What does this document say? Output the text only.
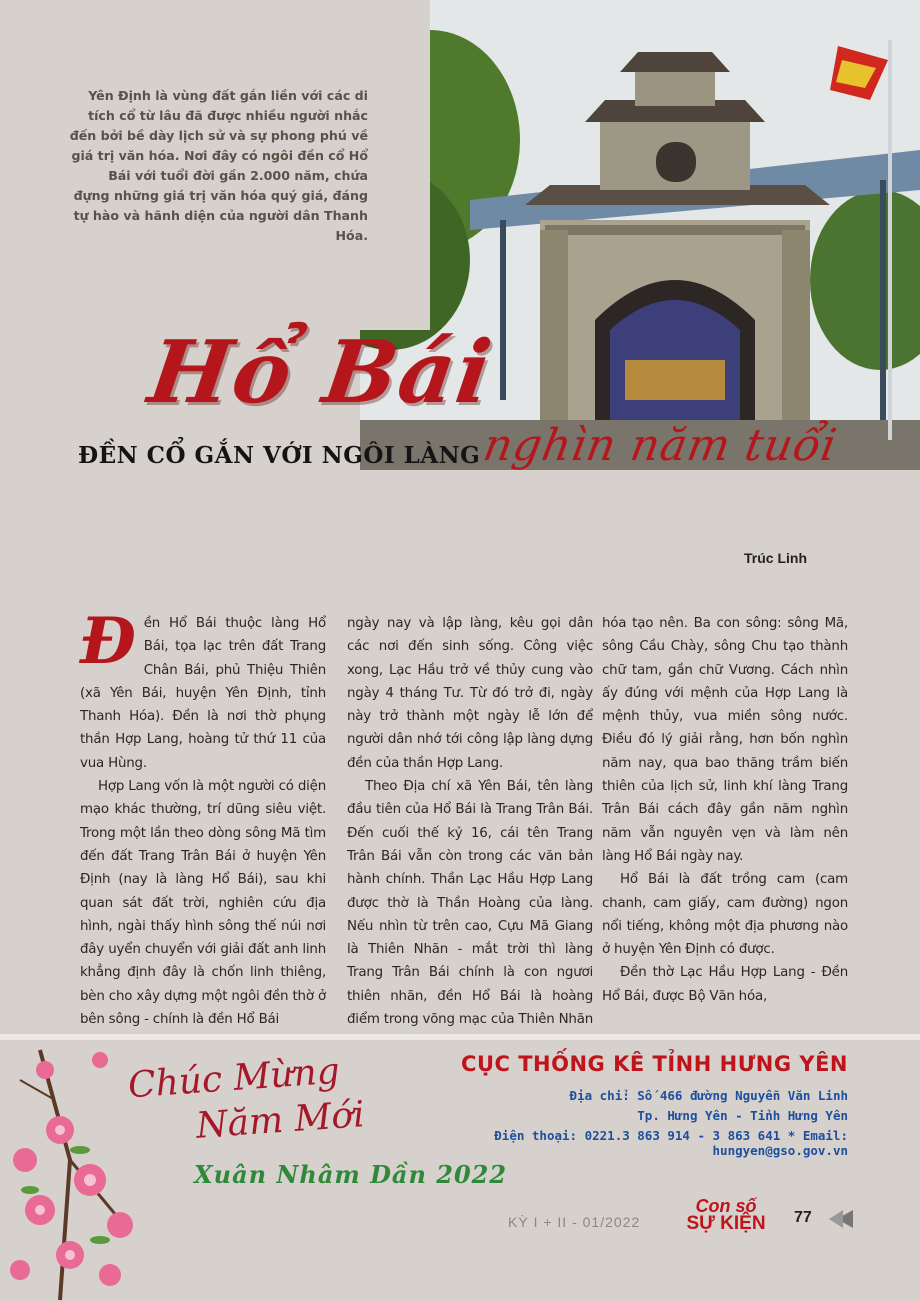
Yên Định là vùng đất gắn liền với các di tích cổ từ lâu đã được nhiều người nhắc đến bởi bề dày lịch sử và sự phong phú về giá trị văn hóa. Nơi đây có ngôi đền cổ Hổ Bái với tuổi đời gần 2.000 năm, chứa đựng những giá trị văn hóa quý giá, đáng tự hào và hãnh diện của người dân Thanh Hóa.
Hổ Bái
ĐỀN CỔ GẮN VỚI NGÔI LÀNG nghìn năm tuổi
Trúc Linh

Đền Hổ Bái thuộc làng Hổ Bái, tọa lạc trên đất Trang Chân Bái, phủ Thiệu Thiên (xã Yên Bái, huyện Yên Định, tỉnh Thanh Hóa). Đền là nơi thờ phụng thần Hợp Lang, hoàng tử thứ 11 của vua Hùng.

Hợp Lang vốn là một người có diện mạo khác thường, trí dũng siêu việt. Trong một lần theo dòng sông Mã tìm đến đất Trang Trân Bái ở huyện Yên Định (nay là làng Hổ Bái), sau khi quan sát đất trời, nghiên cứu địa hình, ngài thấy hình sông thế núi nơi đây uyển chuyển với giải đất anh linh khẳng định đây là chốn linh thiêng, bèn cho xây dựng một ngôi đền thờ ở bên sông - chính là đền Hổ Bái

ngày nay và lập làng, kêu gọi dân các nơi đến sinh sống. Công việc xong, Lạc Hầu trở về thủy cung vào ngày 4 tháng Tư. Từ đó trở đi, ngày này trở thành một ngày lễ lớn để người dân nhớ tới công lập làng dựng đền của thần Hợp Lang.

Theo Địa chí xã Yên Bái, tên làng đầu tiên của Hổ Bái là Trang Trân Bái. Đến cuối thế kỷ 16, cái tên Trang Trân Bái vẫn còn trong các văn bản hành chính. Thần Lạc Hầu Hợp Lang được thờ là Thần Hoàng của làng. Nếu nhìn từ trên cao, Cựu Mã Giang là Thiên Nhãn - mắt trời thì làng Trang Trân Bái chính là con ngươi thiên nhãn, đền Hổ Bái là hoàng điểm trong võng mạc của Thiên Nhãn

hóa tạo nên. Ba con sông: sông Mã, sông Cầu Chày, sông Chu tạo thành chữ tam, gần chữ Vương. Cách nhìn ấy đúng với mệnh của Hợp Lang là mệnh thủy, vua miền sông nước. Điều đó lý giải rằng, hơn bốn nghìn năm nay, qua bao thăng trầm biến thiên của lịch sử, linh khí làng Trang Trân Bái cách đây gần năm nghìn năm vẫn nguyên vẹn và làm nên làng Hổ Bái ngày nay.

Hổ Bái là đất trồng cam (cam chanh, cam giấy, cam đường) ngon nổi tiếng, không một địa phương nào ở huyện Yên Định có được.

Đền thờ Lạc Hầu Hợp Lang - Đền Hổ Bái, được Bộ Văn hóa,

Chúc Mừng
Năm Mới
Xuân Nhâm Dần 2022
CỤC THỐNG KÊ TỈNH HƯNG YÊN
Địa chỉ: Số 466 đường Nguyễn Văn Linh
Tp. Hưng Yên - Tỉnh Hưng Yên
Điện thoại: 0221.3 863 914 - 3 863 641 * Email: hungyen@gso.gov.vn
KỲ I + II - 01/2022
Con số
SỰ KIỆN	77
